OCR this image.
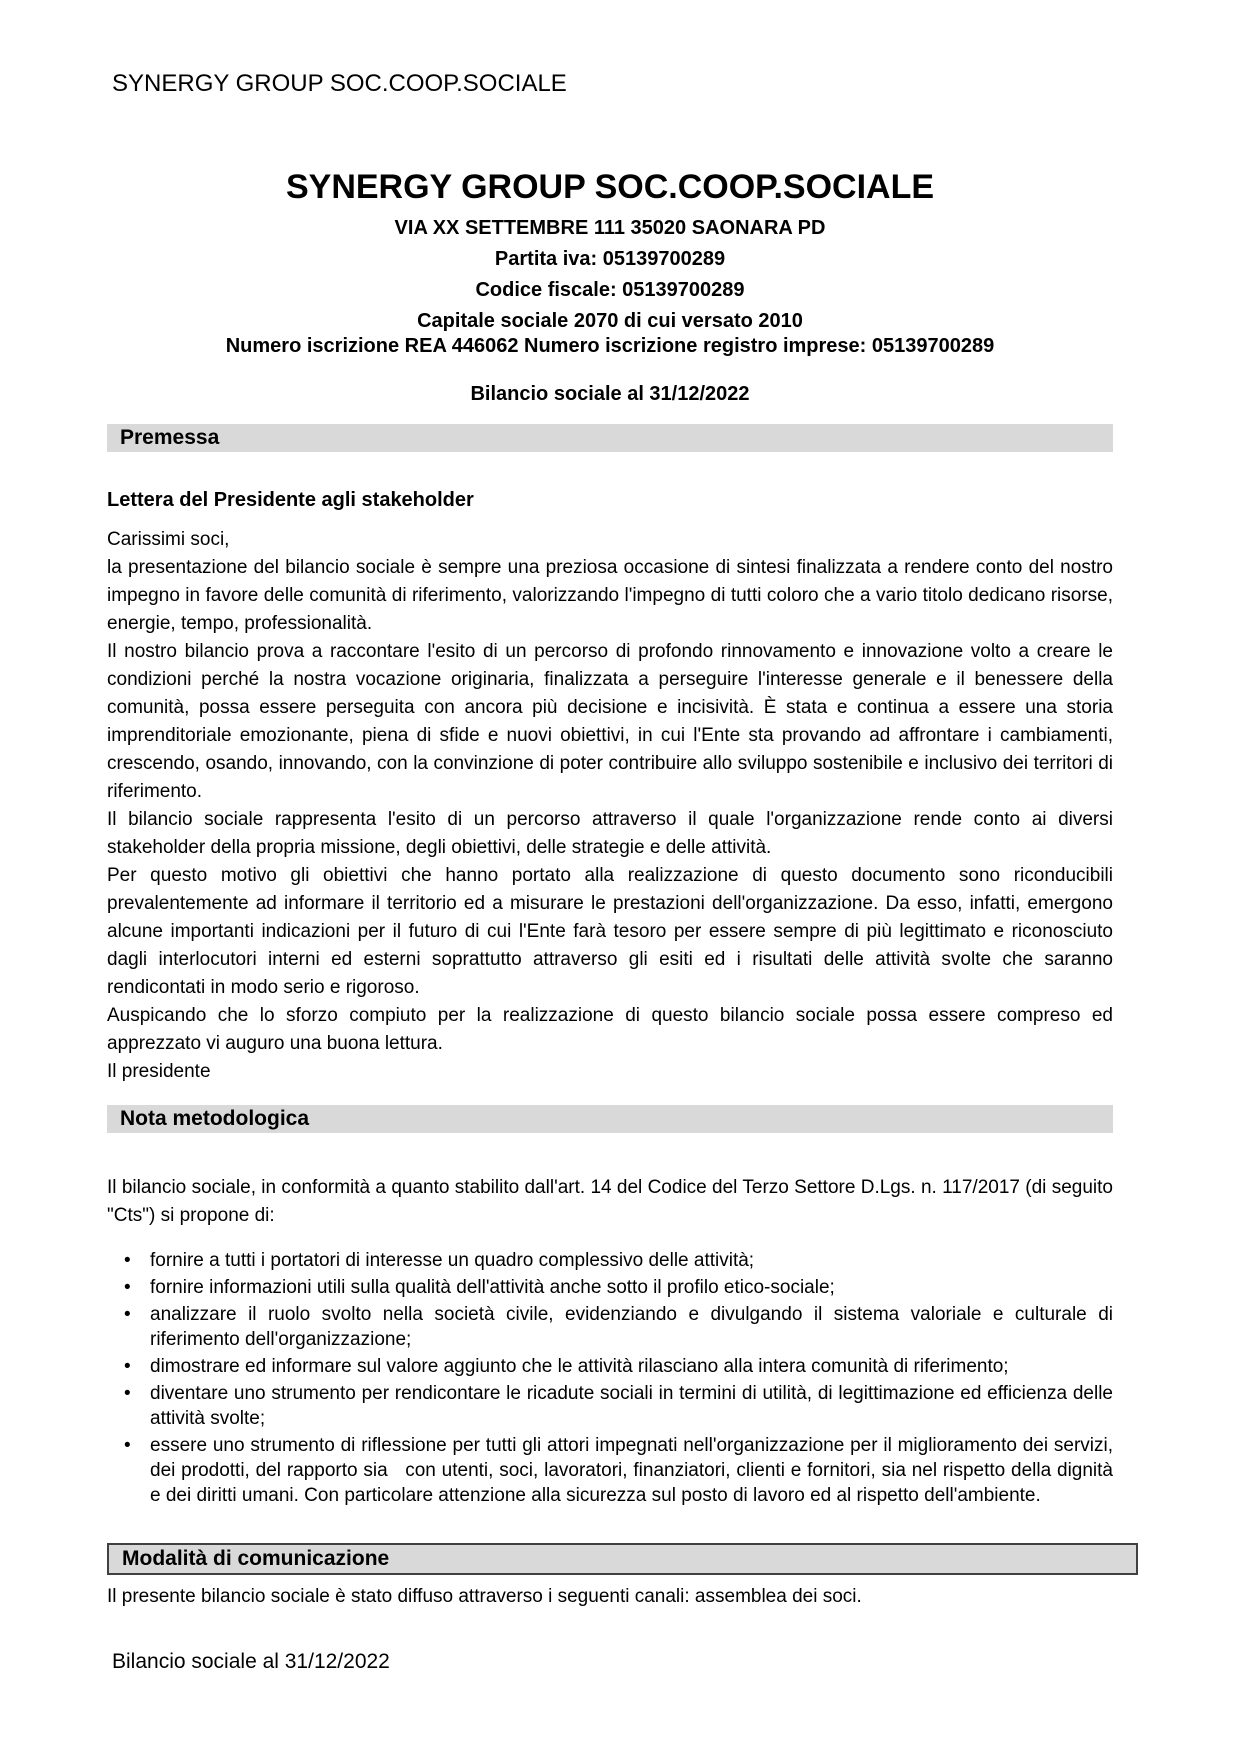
SYNERGY GROUP SOC.COOP.SOCIALE
SYNERGY GROUP SOC.COOP.SOCIALE
VIA XX SETTEMBRE 111 35020 SAONARA PD
Partita iva: 05139700289
Codice fiscale: 05139700289
Capitale sociale 2070 di cui versato 2010
Numero iscrizione REA 446062 Numero iscrizione registro imprese: 05139700289
Bilancio sociale al 31/12/2022
Premessa
Lettera del Presidente agli stakeholder

Carissimi soci,

la presentazione del bilancio sociale è sempre una preziosa occasione di sintesi finalizzata a rendere conto del nostro impegno in favore delle comunità di riferimento, valorizzando l'impegno di tutti coloro che a vario titolo dedicano risorse, energie, tempo, professionalità.

Il nostro bilancio prova a raccontare l'esito di un percorso di profondo rinnovamento e innovazione volto a creare le condizioni perché la nostra vocazione originaria, finalizzata a perseguire l'interesse generale e il benessere della comunità, possa essere perseguita con ancora più decisione e incisività. È stata e continua a essere una storia imprenditoriale emozionante, piena di sfide e nuovi obiettivi, in cui l'Ente sta provando ad affrontare i cambiamenti, crescendo, osando, innovando, con la convinzione di poter contribuire allo sviluppo sostenibile e inclusivo dei territori di riferimento.

Il bilancio sociale rappresenta l'esito di un percorso attraverso il quale l'organizzazione rende conto ai diversi stakeholder della propria missione, degli obiettivi, delle strategie e delle attività.

Per questo motivo gli obiettivi che hanno portato alla realizzazione di questo documento sono riconducibili prevalentemente ad informare il territorio ed a misurare le prestazioni dell'organizzazione. Da esso, infatti, emergono alcune importanti indicazioni per il futuro di cui l'Ente farà tesoro per essere sempre di più legittimato e riconosciuto dagli interlocutori interni ed esterni soprattutto attraverso gli esiti ed i risultati delle attività svolte che saranno rendicontati in modo serio e rigoroso.

Auspicando che lo sforzo compiuto per la realizzazione di questo bilancio sociale possa essere compreso ed apprezzato vi auguro una buona lettura.

Il presidente

Nota metodologica

Il bilancio sociale, in conformità a quanto stabilito dall'art. 14 del Codice del Terzo Settore D.Lgs. n. 117/2017 (di seguito "Cts") si propone di:

• fornire a tutti i portatori di interesse un quadro complessivo delle attività;
• fornire informazioni utili sulla qualità dell'attività anche sotto il profilo etico-sociale;
• analizzare il ruolo svolto nella società civile, evidenziando e divulgando il sistema valoriale e culturale di riferimento dell'organizzazione;
• dimostrare ed informare sul valore aggiunto che le attività rilasciano alla intera comunità di riferimento;
• diventare uno strumento per rendicontare le ricadute sociali in termini di utilità, di legittimazione ed efficienza delle attività svolte;
• essere uno strumento di riflessione per tutti gli attori impegnati nell'organizzazione per il miglioramento dei servizi, dei prodotti, del rapporto sia   con utenti, soci, lavoratori, finanziatori, clienti e fornitori, sia nel rispetto della dignità e dei diritti umani. Con particolare attenzione alla sicurezza sul posto di lavoro ed al rispetto dell'ambiente.
Modalità di comunicazione

Il presente bilancio sociale è stato diffuso attraverso i seguenti canali: assemblea dei soci.

Bilancio sociale al 31/12/2022
